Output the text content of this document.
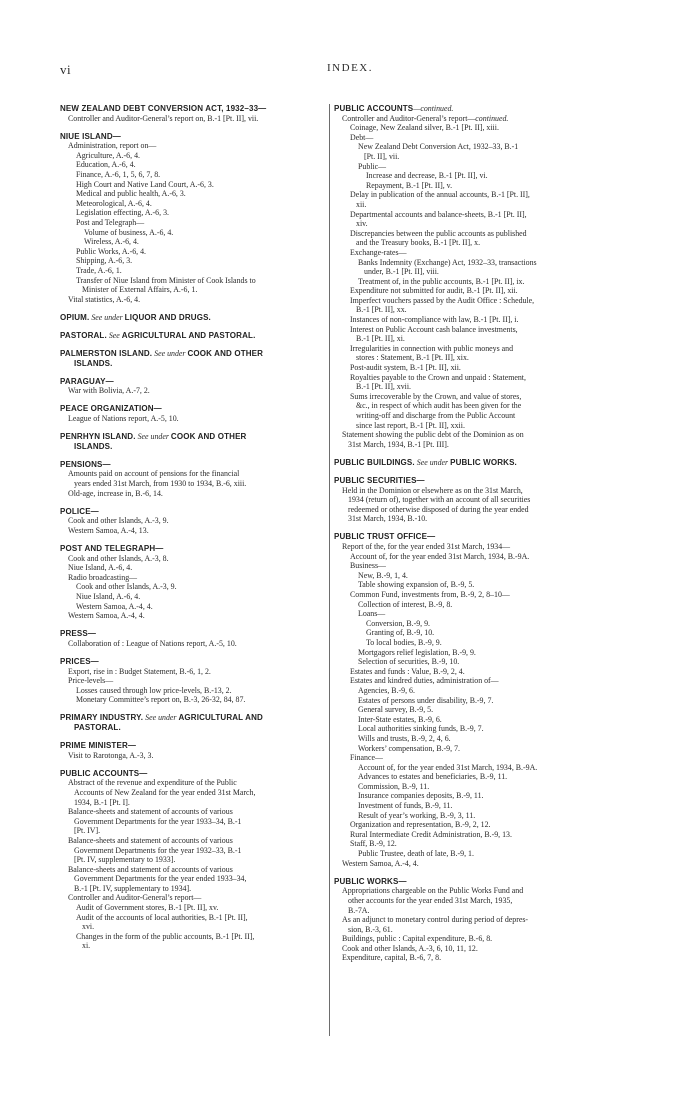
vi	INDEX.
NEW ZEALAND DEBT CONVERSION ACT, 1932–33—
Controller and Auditor-General’s report on, B.-1 [Pt. II], vii.
NIUE ISLAND—
Administration, report on—
Agriculture, A.-6, 4.
Education, A.-6, 4.
Finance, A.-6, 1, 5, 6, 7, 8.
High Court and Native Land Court, A.-6, 3.
Medical and public health, A.-6, 3.
Meteorological, A.-6, 4.
Legislation effecting, A.-6, 3.
Post and Telegraph—
Volume of business, A.-6, 4.
Wireless, A.-6, 4.
Public Works, A.-6, 4.
Shipping, A.-6, 3.
Trade, A.-6, 1.
Transfer of Niue Island from Minister of Cook Islands to
Minister of External Affairs, A.-6, 1.
Vital statistics, A.-6, 4.
OPIUM. See under LIQUOR AND DRUGS.
PASTORAL. See AGRICULTURAL AND PASTORAL.
PALMERSTON ISLAND. See under COOK AND OTHER
ISLANDS.
PARAGUAY—
War with Bolivia, A.-7, 2.
PEACE ORGANIZATION—
League of Nations report, A.-5, 10.
PENRHYN ISLAND. See under COOK AND OTHER
ISLANDS.
PENSIONS—
Amounts paid on account of pensions for the financial
years ended 31st March, from 1930 to 1934, B.-6, xiii.
Old-age, increase in, B.-6, 14.
POLICE—
Cook and other Islands, A.-3, 9.
Western Samoa, A.-4, 13.
POST AND TELEGRAPH—
Cook and other Islands, A.-3, 8.
Niue Island, A.-6, 4.
Radio broadcasting—
Cook and other Islands, A.-3, 9.
Niue Island, A.-6, 4.
Western Samoa, A.-4, 4.
Western Samoa, A.-4, 4.
PRESS—
Collaboration of : League of Nations report, A.-5, 10.
PRICES—
Export, rise in : Budget Statement, B.-6, 1, 2.
Price-levels—
Losses caused through low price-levels, B.-13, 2.
Monetary Committee’s report on, B.-3, 26-32, 84, 87.
PRIMARY INDUSTRY. See under AGRICULTURAL AND
PASTORAL.
PRIME MINISTER—
Visit to Rarotonga, A.-3, 3.
PUBLIC ACCOUNTS—
Abstract of the revenue and expenditure of the Public
Accounts of New Zealand for the year ended 31st March,
1934, B.-1 [Pt. I].
Balance-sheets and statement of accounts of various
Government Departments for the year 1933–34, B.-1
[Pt. IV].
Balance-sheets and statement of accounts of various
Government Departments for the year 1932–33, B.-1
[Pt. IV, supplementary to 1933].
Balance-sheets and statement of accounts of various
Government Departments for the year ended 1933–34,
B.-1 [Pt. IV, supplementary to 1934].
Controller and Auditor-General’s report—
Audit of Government stores, B.-1 [Pt. II], xv.
Audit of the accounts of local authorities, B.-1 [Pt. II],
xvi.
Changes in the form of the public accounts, B.-1 [Pt. II],
xi.
PUBLIC ACCOUNTS—continued.
Controller and Auditor-General’s report—continued.
Coinage, New Zealand silver, B.-1 [Pt. II], xiii.
Debt—
New Zealand Debt Conversion Act, 1932–33, B.-1
[Pt. II], vii.
Public—
Increase and decrease, B.-1 [Pt. II], vi.
Repayment, B.-1 [Pt. II], v.
Delay in publication of the annual accounts, B.-1 [Pt. II],
xii.
Departmental accounts and balance-sheets, B.-1 [Pt. II],
xiv.
Discrepancies between the public accounts as published
and the Treasury books, B.-1 [Pt. II], x.
Exchange-rates—
Banks Indemnity (Exchange) Act, 1932–33, transactions
under, B.-1 [Pt. II], viii.
Treatment of, in the public accounts, B.-1 [Pt. II], ix.
Expenditure not submitted for audit, B.-1 [Pt. II], xii.
Imperfect vouchers passed by the Audit Office : Schedule,
B.-1 [Pt. II], xx.
Instances of non-compliance with law, B.-1 [Pt. II], i.
Interest on Public Account cash balance investments,
B.-1 [Pt. II], xi.
Irregularities in connection with public moneys and
stores : Statement, B.-1 [Pt. II], xix.
Post-audit system, B.-1 [Pt. II], xii.
Royalties payable to the Crown and unpaid : Statement,
B.-1 [Pt. II], xvii.
Sums irrecoverable by the Crown, and value of stores,
&c., in respect of which audit has been given for the
writing-off and discharge from the Public Account
since last report, B.-1 [Pt. II], xxii.
Statement showing the public debt of the Dominion as on
31st March, 1934, B.-1 [Pt. III].
PUBLIC BUILDINGS. See under PUBLIC WORKS.
PUBLIC SECURITIES—
Held in the Dominion or elsewhere as on the 31st March,
1934 (return of), together with an account of all securities
redeemed or otherwise disposed of during the year ended
31st March, 1934, B.-10.
PUBLIC TRUST OFFICE—
Report of the, for the year ended 31st March, 1934—
Account of, for the year ended 31st March, 1934, B.-9A.
Business—
New, B.-9, 1, 4.
Table showing expansion of, B.-9, 5.
Common Fund, investments from, B.-9, 2, 8–10—
Collection of interest, B.-9, 8.
Loans—
Conversion, B.-9, 9.
Granting of, B.-9, 10.
To local bodies, B.-9, 9.
Mortgagors relief legislation, B.-9, 9.
Selection of securities, B.-9, 10.
Estates and funds : Value, B.-9, 2, 4.
Estates and kindred duties, administration of—
Agencies, B.-9, 6.
Estates of persons under disability, B.-9, 7.
General survey, B.-9, 5.
Inter-State estates, B.-9, 6.
Local authorities sinking funds, B.-9, 7.
Wills and trusts, B.-9, 2, 4, 6.
Workers’ compensation, B.-9, 7.
Finance—
Account of, for the year ended 31st March, 1934, B.-9A.
Advances to estates and beneficiaries, B.-9, 11.
Commission, B.-9, 11.
Insurance companies deposits, B.-9, 11.
Investment of funds, B.-9, 11.
Result of year’s working, B.-9, 3, 11.
Organization and representation, B.-9, 2, 12.
Rural Intermediate Credit Administration, B.-9, 13.
Staff, B.-9, 12.
Public Trustee, death of late, B.-9, 1.
Western Samoa, A.-4, 4.
PUBLIC WORKS—
Appropriations chargeable on the Public Works Fund and
other accounts for the year ended 31st March, 1935,
B.-7A.
As an adjunct to monetary control during period of depres-
sion, B.-3, 61.
Buildings, public : Capital expenditure, B.-6, 8.
Cook and other Islands, A.-3, 6, 10, 11, 12.
Expenditure, capital, B.-6, 7, 8.
